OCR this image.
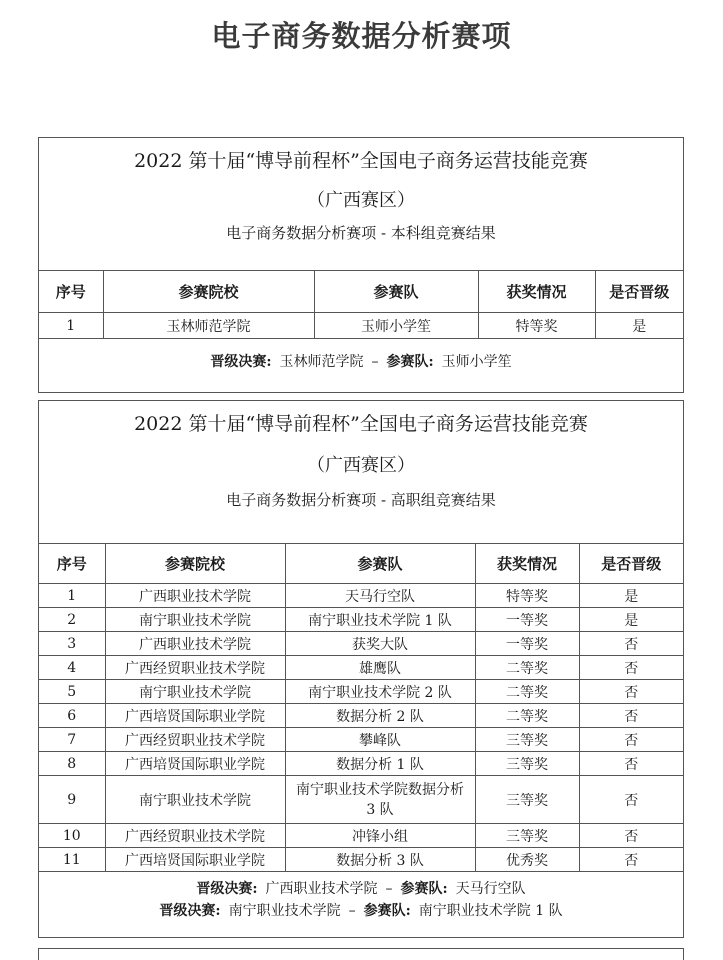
电子商务数据分析赛项
2022 第十届“博导前程杯”全国电子商务运营技能竞赛
（广西赛区）
电子商务数据分析赛项 - 本科组竞赛结果
序号	参赛院校	参赛队	获奖情况	是否晋级
1	玉林师范学院	玉师小学笙	特等奖	是
晋级决赛: 玉林师范学院 – 参赛队: 玉师小学笙
2022 第十届“博导前程杯”全国电子商务运营技能竞赛
（广西赛区）
电子商务数据分析赛项 - 高职组竞赛结果
序号	参赛院校	参赛队	获奖情况	是否晋级
1	广西职业技术学院	天马行空队	特等奖	是
2	南宁职业技术学院	南宁职业技术学院 1 队	一等奖	是
3	广西职业技术学院	获奖大队	一等奖	否
4	广西经贸职业技术学院	雄鹰队	二等奖	否
5	南宁职业技术学院	南宁职业技术学院 2 队	二等奖	否
6	广西培贤国际职业学院	数据分析 2 队	二等奖	否
7	广西经贸职业技术学院	攀峰队	三等奖	否
8	广西培贤国际职业学院	数据分析 1 队	三等奖	否
9	南宁职业技术学院	南宁职业技术学院数据分析 3 队	三等奖	否
10	广西经贸职业技术学院	冲锋小组	三等奖	否
11	广西培贤国际职业学院	数据分析 3 队	优秀奖	否
晋级决赛: 广西职业技术学院 – 参赛队: 天马行空队
晋级决赛: 南宁职业技术学院 – 参赛队: 南宁职业技术学院 1 队
